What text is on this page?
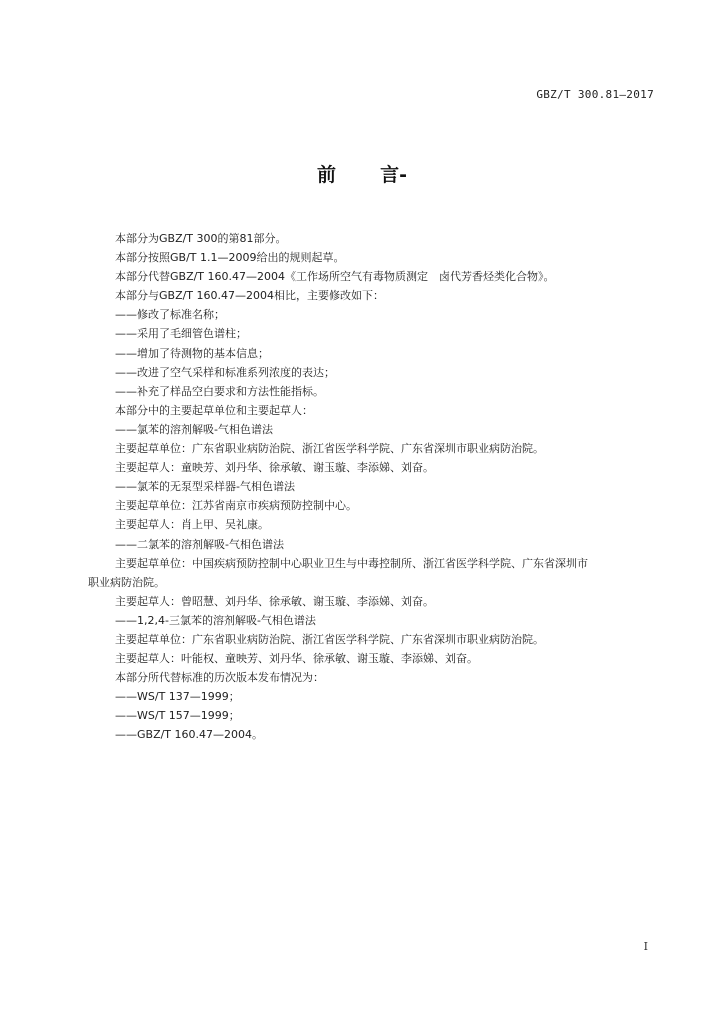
GBZ/T 300.81—2017
前 言-
本部分为GBZ/T 300的第81部分。
本部分按照GB/T 1.1—2009给出的规则起草。
本部分代替GBZ/T 160.47—2004《工作场所空气有毒物质测定　卤代芳香烃类化合物》。
本部分与GBZ/T 160.47—2004相比，主要修改如下：
——修改了标准名称；
——采用了毛细管色谱柱；
——增加了待测物的基本信息；
——改进了空气采样和标准系列浓度的表达；
——补充了样品空白要求和方法性能指标。
本部分中的主要起草单位和主要起草人：
——氯苯的溶剂解吸-气相色谱法
主要起草单位：广东省职业病防治院、浙江省医学科学院、广东省深圳市职业病防治院。
主要起草人：童映芳、刘丹华、徐承敏、谢玉璇、李添娣、刘奋。
——氯苯的无泵型采样器-气相色谱法
主要起草单位：江苏省南京市疾病预防控制中心。
主要起草人：肖上甲、吴礼康。
——二氯苯的溶剂解吸-气相色谱法
主要起草单位：中国疾病预防控制中心职业卫生与中毒控制所、浙江省医学科学院、广东省深圳市
职业病防治院。
主要起草人：曾昭慧、刘丹华、徐承敏、谢玉璇、李添娣、刘奋。
——1,2,4-三氯苯的溶剂解吸-气相色谱法
主要起草单位：广东省职业病防治院、浙江省医学科学院、广东省深圳市职业病防治院。
主要起草人：叶能权、童映芳、刘丹华、徐承敏、谢玉璇、李添娣、刘奋。
本部分所代替标准的历次版本发布情况为：
——WS/T 137—1999；
——WS/T 157—1999；
——GBZ/T 160.47—2004。
I
